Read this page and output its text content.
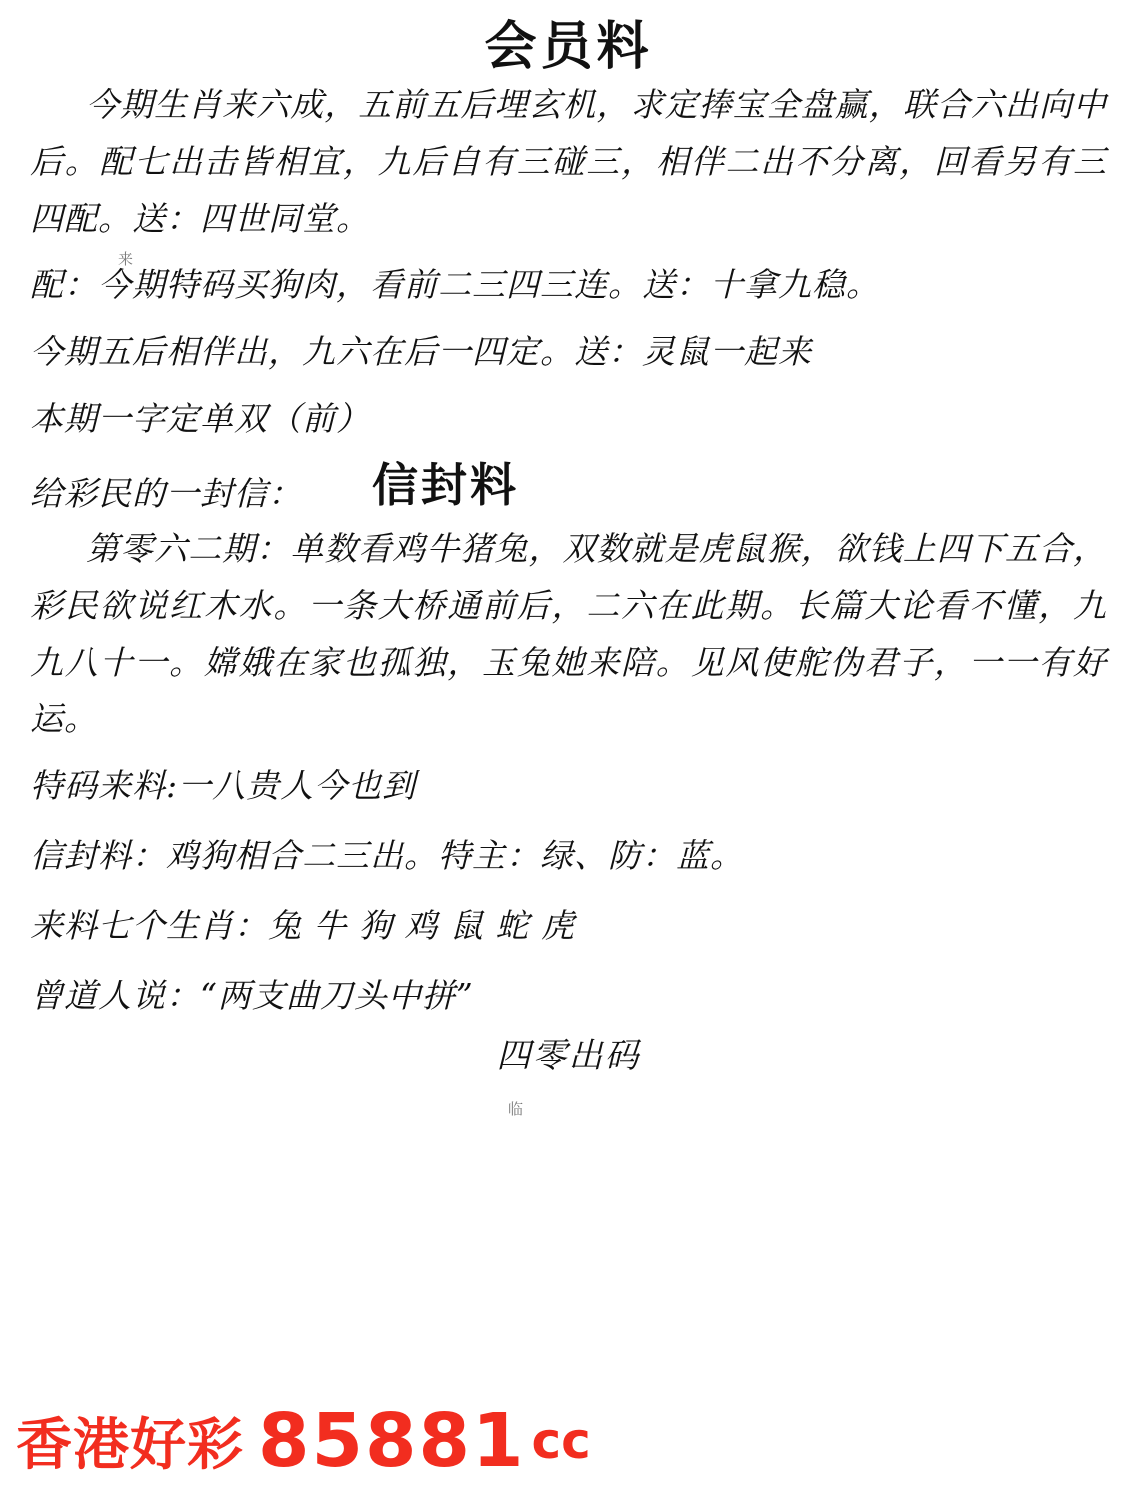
会员料
今期生肖来六成，五前五后埋玄机，求定捧宝全盘赢，联合六出向中后。配七出击皆相宜，九后自有三碰三，相伴二出不分离，回看另有三四配。送：四世同堂。
配：今期特码买狗肉，看前二三四三连。送：十拿九稳。
今期五后相伴出，九六在后一四定。送：灵鼠一起来
本期一字定单双（前）
给彩民的一封信： 信封料
第零六二期：单数看鸡牛猪兔，双数就是虎鼠猴，欲钱上四下五合，彩民欲说红木水。一条大桥通前后，二六在此期。长篇大论看不懂，九九八十一。嫦娥在家也孤独，玉兔她来陪。见风使舵伪君子，一一有好运。
特码来料:一八贵人今也到
信封料：鸡狗相合二三出。特主：绿、防：蓝。
来料七个生肖：兔 牛 狗 鸡 鼠 蛇 虎
曾道人说：“两支曲刀头中拼”
四零出码
来
临
香港好彩 85881 cc
